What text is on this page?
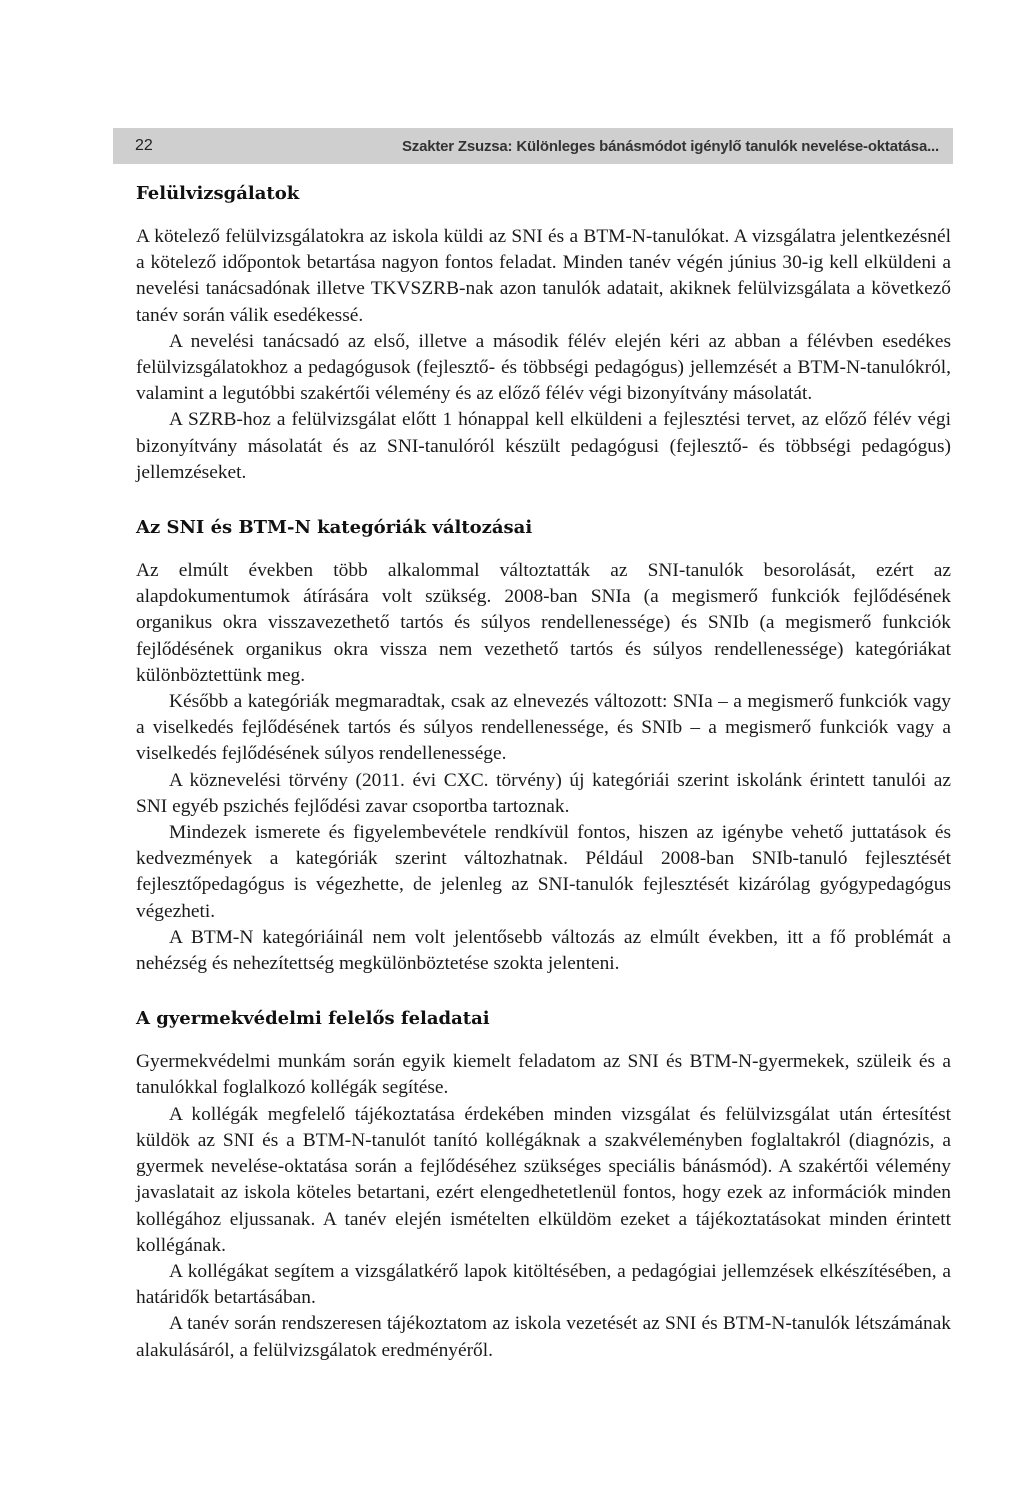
22	Szakter Zsuzsa: Különleges bánásmódot igénylő tanulók nevelése-oktatása...
Felülvizsgálatok

A kötelező felülvizsgálatokra az iskola küldi az SNI és a BTM-N-tanulókat. A vizsgálatra jelentkezésnél a kötelező időpontok betartása nagyon fontos feladat. Minden tanév végén június 30-ig kell elküldeni a nevelési tanácsadónak illetve TKVSZRB-nak azon tanulók adatait, akiknek felülvizsgálata a következő tanév során válik esedékessé.

A nevelési tanácsadó az első, illetve a második félév elején kéri az abban a félévben esedékes felülvizsgálatokhoz a pedagógusok (fejlesztő- és többségi pedagógus) jellemzését a BTM-N-tanulókról, valamint a legutóbbi szakértői vélemény és az előző félév végi bizonyítvány másolatát.

A SZRB-hoz a felülvizsgálat előtt 1 hónappal kell elküldeni a fejlesztési tervet, az előző félév végi bizonyítvány másolatát és az SNI-tanulóról készült pedagógusi (fejlesztő- és többségi pedagógus) jellemzéseket.

Az SNI és BTM-N kategóriák változásai

Az elmúlt években több alkalommal változtatták az SNI-tanulók besorolását, ezért az alapdokumentumok átírására volt szükség. 2008-ban SNIa (a megismerő funkciók fejlődésének organikus okra visszavezethető tartós és súlyos rendellenessége) és SNIb (a megismerő funkciók fejlődésének organikus okra vissza nem vezethető tartós és súlyos rendellenessége) kategóriákat különböztettünk meg.

Később a kategóriák megmaradtak, csak az elnevezés változott: SNIa – a megismerő funkciók vagy a viselkedés fejlődésének tartós és súlyos rendellenessége, és SNIb – a megismerő funkciók vagy a viselkedés fejlődésének súlyos rendellenessége.

A köznevelési törvény (2011. évi CXC. törvény) új kategóriái szerint iskolánk érintett tanulói az SNI egyéb pszichés fejlődési zavar csoportba tartoznak.

Mindezek ismerete és figyelembevétele rendkívül fontos, hiszen az igénybe vehető juttatások és kedvezmények a kategóriák szerint változhatnak. Például 2008-ban SNIb-tanuló fejlesztését fejlesztőpedagógus is végezhette, de jelenleg az SNI-tanulók fejlesztését kizárólag gyógypedagógus végezheti.

A BTM-N kategóriáinál nem volt jelentősebb változás az elmúlt években, itt a fő problémát a nehézség és nehezítettség megkülönböztetése szokta jelenteni.

A gyermekvédelmi felelős feladatai

Gyermekvédelmi munkám során egyik kiemelt feladatom az SNI és BTM-N-gyermekek, szüleik és a tanulókkal foglalkozó kollégák segítése.

A kollégák megfelelő tájékoztatása érdekében minden vizsgálat és felülvizsgálat után értesítést küldök az SNI és a BTM-N-tanulót tanító kollégáknak a szakvéleményben foglaltakról (diagnózis, a gyermek nevelése-oktatása során a fejlődéséhez szükséges speciális bánásmód). A szakértői vélemény javaslatait az iskola köteles betartani, ezért elengedhetetlenül fontos, hogy ezek az információk minden kollégához eljussanak. A tanév elején ismételten elküldöm ezeket a tájékoztatásokat minden érintett kollégának.

A kollégákat segítem a vizsgálatkérő lapok kitöltésében, a pedagógiai jellemzések elkészítésében, a határidők betartásában.

A tanév során rendszeresen tájékoztatom az iskola vezetését az SNI és BTM-N-tanulók létszámának alakulásáról, a felülvizsgálatok eredményéről.
